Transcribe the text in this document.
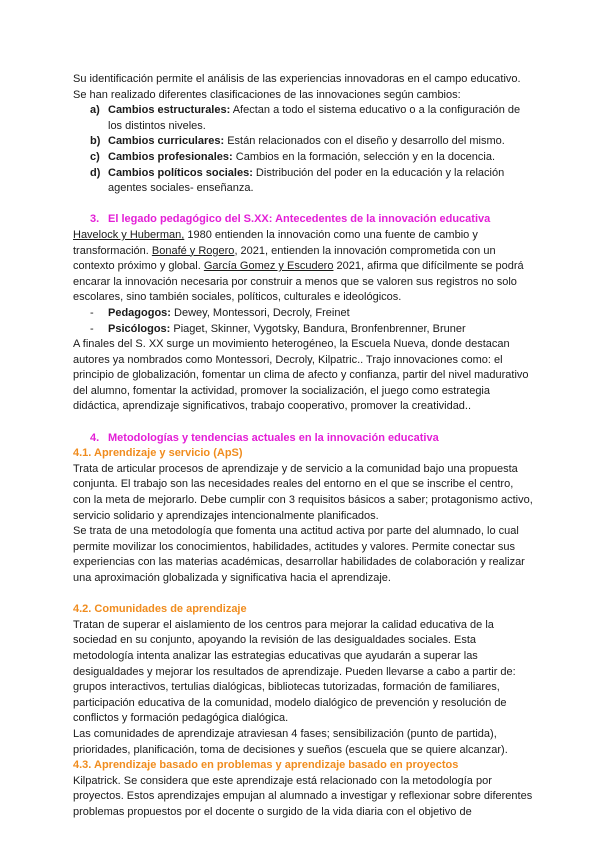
Su identificación permite el análisis de las experiencias innovadoras en el campo educativo.

Se han realizado diferentes clasificaciones de las innovaciones según cambios:

a) Cambios estructurales: Afectan a todo el sistema educativo o a la configuración de los distintos niveles.
b) Cambios curriculares: Están relacionados con el diseño y desarrollo del mismo.
c) Cambios profesionales: Cambios en la formación, selección y en la docencia.
d) Cambios políticos sociales: Distribución del poder en la educación y la relación agentes sociales- enseñanza.

3. El legado pedagógico del S.XX: Antecedentes de la innovación educativa

Havelock y Huberman, 1980 entienden la innovación como una fuente de cambio y transformación. Bonafé y Rogero, 2021, entienden la innovación comprometida con un contexto próximo y global. García Gomez y Escudero 2021, afirma que difícilmente se podrá encarar la innovación necesaria por construir a menos que se valoren sus registros no solo escolares, sino también sociales, políticos, culturales e ideológicos.

- Pedagogos: Dewey, Montessori, Decroly, Freinet
- Psicólogos: Piaget, Skinner, Vygotsky, Bandura, Bronfenbrenner, Bruner

A finales del S. XX surge un movimiento heterogéneo, la Escuela Nueva, donde destacan autores ya nombrados como Montessori, Decroly, Kilpatric.. Trajo innovaciones como: el principio de globalización, fomentar un clima de afecto y confianza, partir del nivel madurativo del alumno, fomentar la actividad, promover la socialización, el juego como estrategia didáctica, aprendizaje significativos, trabajo cooperativo, promover la creatividad..

4. Metodologías y tendencias actuales en la innovación educativa

4.1. Aprendizaje y servicio (ApS)

Trata de articular procesos de aprendizaje y de servicio a la comunidad bajo una propuesta conjunta. El trabajo son las necesidades reales del entorno en el que se inscribe el centro, con la meta de mejorarlo. Debe cumplir con 3 requisitos básicos a saber; protagonismo activo, servicio solidario y aprendizajes intencionalmente planificados.

Se trata de una metodología que fomenta una actitud activa por parte del alumnado, lo cual permite movilizar los conocimientos, habilidades, actitudes y valores. Permite conectar sus experiencias con las materias académicas, desarrollar habilidades de colaboración y realizar una aproximación globalizada y significativa hacia el aprendizaje.

4.2. Comunidades de aprendizaje

Tratan de superar el aislamiento de los centros para mejorar la calidad educativa de la sociedad en su conjunto, apoyando la revisión de las desigualdades sociales. Esta metodología intenta analizar las estrategias educativas que ayudarán a superar las desigualdades y mejorar los resultados de aprendizaje. Pueden llevarse a cabo a partir de: grupos interactivos, tertulias dialógicas, bibliotecas tutorizadas, formación de familiares, participación educativa de la comunidad, modelo dialógico de prevención y resolución de conflictos y formación pedagógica dialógica.

Las comunidades de aprendizaje atraviesan 4 fases; sensibilización (punto de partida), prioridades, planificación, toma de decisiones y sueños (escuela que se quiere alcanzar).

4.3. Aprendizaje basado en problemas y aprendizaje basado en proyectos

Kilpatrick. Se considera que este aprendizaje está relacionado con la metodología por proyectos. Estos aprendizajes empujan al alumnado a investigar y reflexionar sobre diferentes problemas propuestos por el docente o surgido de la vida diaria con el objetivo de
